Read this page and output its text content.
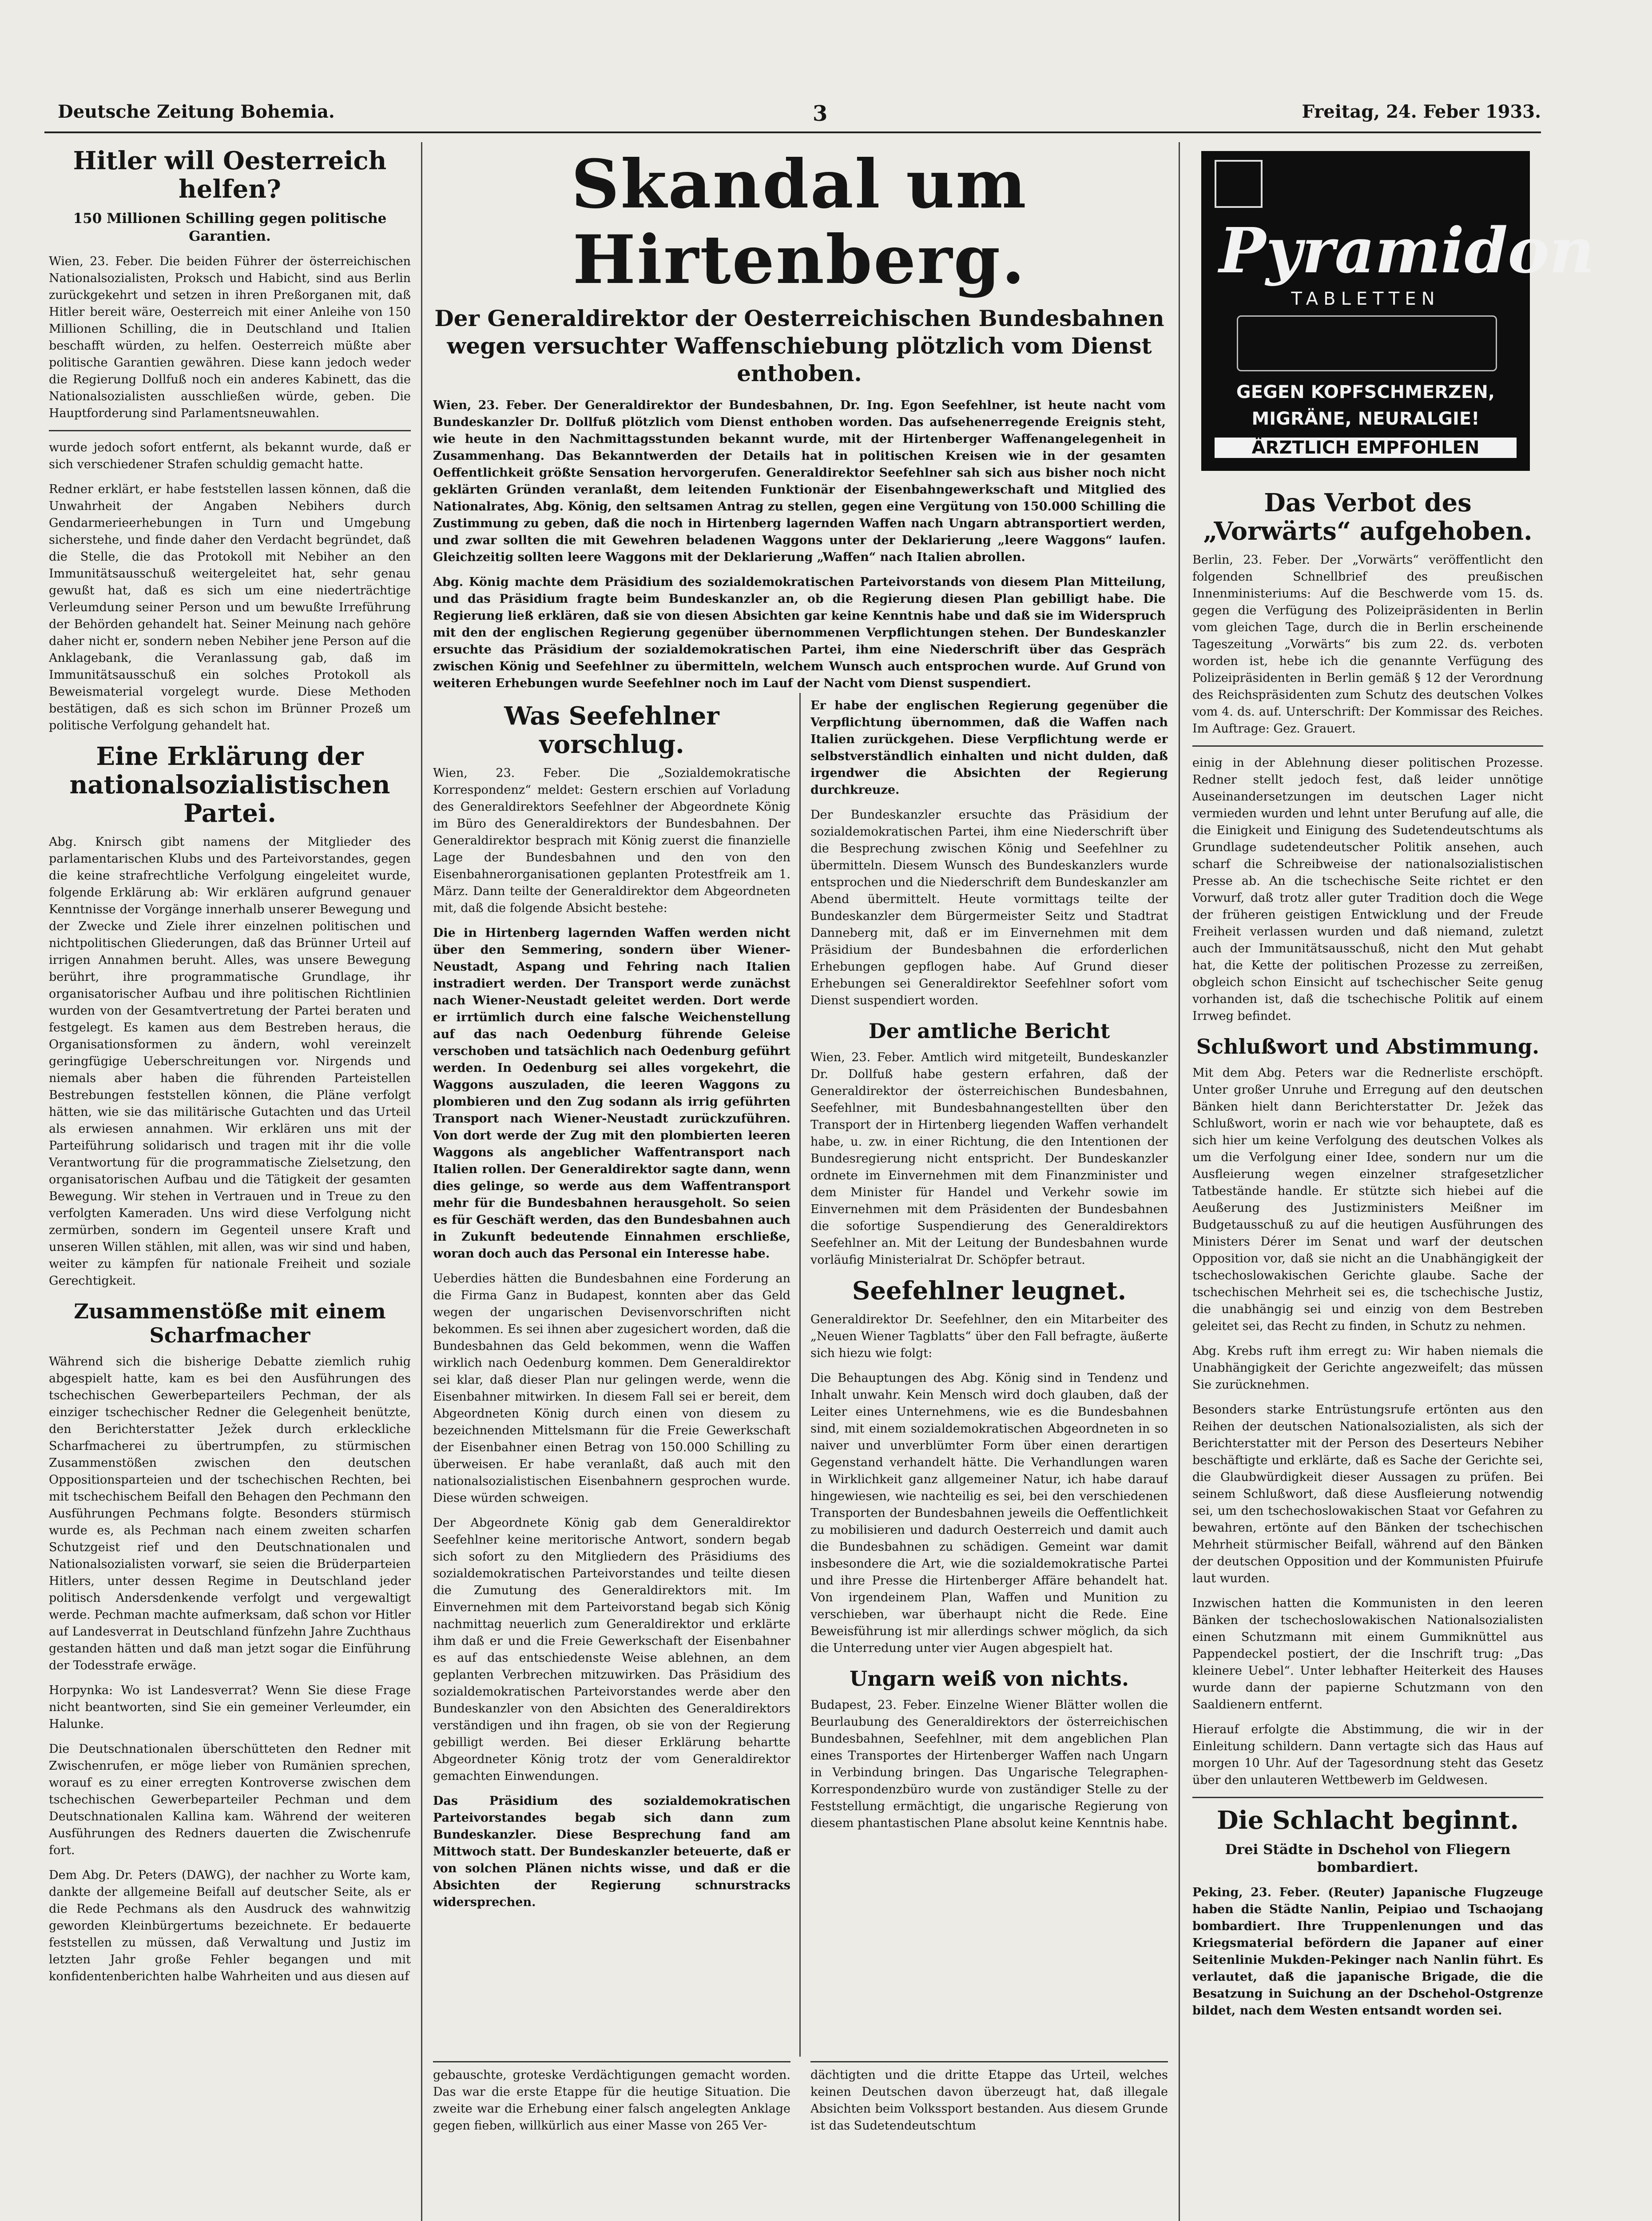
Deutsche Zeitung Bohemia.	3	Freitag, 24. Feber 1933.
Hitler will Oesterreich helfen?
150 Millionen Schilling gegen politische Garantien.

Wien, 23. Feber. Die beiden Führer der österreichischen Nationalsozialisten, Proksch und Habicht, sind aus Berlin zurückgekehrt und setzen in ihren Preßorganen mit, daß Hitler bereit wäre, Oesterreich mit einer Anleihe von 150 Millionen Schilling, die in Deutschland und Italien beschafft würden, zu helfen. Oesterreich müßte aber politische Garantien gewähren. Diese kann jedoch weder die Regierung Dollfuß noch ein anderes Kabinett, das die Nationalsozialisten ausschließen würde, geben. Die Hauptforderung sind Parlamentsneuwahlen.

wurde jedoch sofort entfernt, als bekannt wurde, daß er sich verschiedener Strafen schuldig gemacht hatte.

Redner erklärt, er habe feststellen lassen können, daß die Unwahrheit der Angaben Nebihers durch Gendarmerieerhebungen in Turn und Umgebung sicherstehe, und finde daher den Verdacht begründet, daß die Stelle, die das Protokoll mit Nebiher an den Immunitätsausschuß weitergeleitet hat, sehr genau gewußt hat, daß es sich um eine niederträchtige Verleumdung seiner Person und um bewußte Irreführung der Behörden gehandelt hat. Seiner Meinung nach gehöre daher nicht er, sondern neben Nebiher jene Person auf die Anklagebank, die Veranlassung gab, daß im Immunitätsausschuß ein solches Protokoll als Beweismaterial vorgelegt wurde. Diese Methoden bestätigen, daß es sich schon im Brünner Prozeß um politische Verfolgung gehandelt hat.

Eine Erklärung der nationalsozialistischen Partei.

Abg. Knirsch gibt namens der Mitglieder des parlamentarischen Klubs und des Parteivorstandes, gegen die keine strafrechtliche Verfolgung eingeleitet wurde, folgende Erklärung ab: Wir erklären aufgrund genauer Kenntnisse der Vorgänge innerhalb unserer Bewegung und der Zwecke und Ziele ihrer einzelnen politischen und nichtpolitischen Gliederungen, daß das Brünner Urteil auf irrigen Annahmen beruht. Alles, was unsere Bewegung berührt, ihre programmatische Grundlage, ihr organisatorischer Aufbau und ihre politischen Richtlinien wurden von der Gesamtvertretung der Partei beraten und festgelegt. Es kamen aus dem Bestreben heraus, die Organisationsformen zu ändern, wohl vereinzelt geringfügige Ueberschreitungen vor. Nirgends und niemals aber haben die führenden Parteistellen Bestrebungen feststellen können, die Pläne verfolgt hätten, wie sie das militärische Gutachten und das Urteil als erwiesen annahmen. Wir erklären uns mit der Parteiführung solidarisch und tragen mit ihr die volle Verantwortung für die programmatische Zielsetzung, den organisatorischen Aufbau und die Tätigkeit der gesamten Bewegung. Wir stehen in Vertrauen und in Treue zu den verfolgten Kameraden. Uns wird diese Verfolgung nicht zermürben, sondern im Gegenteil unsere Kraft und unseren Willen stählen, mit allen, was wir sind und haben, weiter zu kämpfen für nationale Freiheit und soziale Gerechtigkeit.

Zusammenstöße mit einem Scharfmacher

Während sich die bisherige Debatte ziemlich ruhig abgespielt hatte, kam es bei den Ausführungen des tschechischen Gewerbeparteilers Pechman, der als einziger tschechischer Redner die Gelegenheit benützte, den Berichterstatter Ježek durch erkleckliche Scharfmacherei zu übertrumpfen, zu stürmischen Zusammenstößen zwischen den deutschen Oppositionsparteien und der tschechischen Rechten, bei mit tschechischem Beifall den Behagen den Pechmann den Ausführungen Pechmans folgte. Besonders stürmisch wurde es, als Pechman nach einem zweiten scharfen Schutzgeist rief und den Deutschnationalen und Nationalsozialisten vorwarf, sie seien die Brüderparteien Hitlers, unter dessen Regime in Deutschland jeder politisch Andersdenkende verfolgt und vergewaltigt werde. Pechman machte aufmerksam, daß schon vor Hitler auf Landesverrat in Deutschland fünfzehn Jahre Zuchthaus gestanden hätten und daß man jetzt sogar die Einführung der Todesstrafe erwäge.

Horpynka: Wo ist Landesverrat? Wenn Sie diese Frage nicht beantworten, sind Sie ein gemeiner Verleumder, ein Halunke.

Die Deutschnationalen überschütteten den Redner mit Zwischenrufen, er möge lieber von Rumänien sprechen, worauf es zu einer erregten Kontroverse zwischen dem tschechischen Gewerbeparteiler Pechman und dem Deutschnationalen Kallina kam. Während der weiteren Ausführungen des Redners dauerten die Zwischenrufe fort.

Dem Abg. Dr. Peters (DAWG), der nachher zu Worte kam, dankte der allgemeine Beifall auf deutscher Seite, als er die Rede Pechmans als den Ausdruck des wahnwitzig geworden Kleinbürgertums bezeichnete. Er bedauerte feststellen zu müssen, daß Verwaltung und Justiz im letzten Jahr große Fehler begangen und mit konfidentenberichten halbe Wahrheiten und aus diesen auf

Skandal um Hirtenberg.
Der Generaldirektor der Oesterreichischen Bundesbahnen wegen versuchter Waffenschiebung plötzlich vom Dienst enthoben.

Wien, 23. Feber. Der Generaldirektor der Bundesbahnen, Dr. Ing. Egon Seefehlner, ist heute nacht vom Bundeskanzler Dr. Dollfuß plötzlich vom Dienst enthoben worden. Das aufsehenerregende Ereignis steht, wie heute in den Nachmittagsstunden bekannt wurde, mit der Hirtenberger Waffenangelegenheit in Zusammenhang. Das Bekanntwerden der Details hat in politischen Kreisen wie in der gesamten Oeffentlichkeit größte Sensation hervorgerufen. Generaldirektor Seefehlner sah sich aus bisher noch nicht geklärten Gründen veranlaßt, dem leitenden Funktionär der Eisenbahngewerkschaft und Mitglied des Nationalrates, Abg. König, den seltsamen Antrag zu stellen, gegen eine Vergütung von 150.000 Schilling die Zustimmung zu geben, daß die noch in Hirtenberg lagernden Waffen nach Ungarn abtransportiert werden, und zwar sollten die mit Gewehren beladenen Waggons unter der Deklarierung „leere Waggons“ laufen. Gleichzeitig sollten leere Waggons mit der Deklarierung „Waffen“ nach Italien abrollen.

Abg. König machte dem Präsidium des sozialdemokratischen Parteivorstands von diesem Plan Mitteilung, und das Präsidium fragte beim Bundeskanzler an, ob die Regierung diesen Plan gebilligt habe. Die Regierung ließ erklären, daß sie von diesen Absichten gar keine Kenntnis habe und daß sie im Widerspruch mit den der englischen Regierung gegenüber übernommenen Verpflichtungen stehen. Der Bundeskanzler ersuchte das Präsidium der sozialdemokratischen Partei, ihm eine Niederschrift über das Gespräch zwischen König und Seefehlner zu übermitteln, welchem Wunsch auch entsprochen wurde. Auf Grund von weiteren Erhebungen wurde Seefehlner noch im Lauf der Nacht vom Dienst suspendiert.

Was Seefehlner vorschlug.

Wien, 23. Feber. Die „Sozialdemokratische Korrespondenz“ meldet: Gestern erschien auf Vorladung des Generaldirektors Seefehlner der Abgeordnete König im Büro des Generaldirektors der Bundesbahnen. Der Generaldirektor besprach mit König zuerst die finanzielle Lage der Bundesbahnen und den von den Eisenbahnerorganisationen geplanten Protestfreik am 1. März. Dann teilte der Generaldirektor dem Abgeordneten mit, daß die folgende Absicht bestehe:

Die in Hirtenberg lagernden Waffen werden nicht über den Semmering, sondern über Wiener-Neustadt, Aspang und Fehring nach Italien instradiert werden. Der Transport werde zunächst nach Wiener-Neustadt geleitet werden. Dort werde er irrtümlich durch eine falsche Weichenstellung auf das nach Oedenburg führende Geleise verschoben und tatsächlich nach Oedenburg geführt werden. In Oedenburg sei alles vorgekehrt, die Waggons auszuladen, die leeren Waggons zu plombieren und den Zug sodann als irrig geführten Transport nach Wiener-Neustadt zurückzuführen. Von dort werde der Zug mit den plombierten leeren Waggons als angeblicher Waffentransport nach Italien rollen. Der Generaldirektor sagte dann, wenn dies gelinge, so werde aus dem Waffentransport mehr für die Bundesbahnen herausgeholt. So seien es für Geschäft werden, das den Bundesbahnen auch in Zukunft bedeutende Einnahmen erschließe, woran doch auch das Personal ein Interesse habe.

Ueberdies hätten die Bundesbahnen eine Forderung an die Firma Ganz in Budapest, konnten aber das Geld wegen der ungarischen Devisenvorschriften nicht bekommen. Es sei ihnen aber zugesichert worden, daß die Bundesbahnen das Geld bekommen, wenn die Waffen wirklich nach Oedenburg kommen. Dem Generaldirektor sei klar, daß dieser Plan nur gelingen werde, wenn die Eisenbahner mitwirken. In diesem Fall sei er bereit, dem Abgeordneten König durch einen von diesem zu bezeichnenden Mittelsmann für die Freie Gewerkschaft der Eisenbahner einen Betrag von 150.000 Schilling zu überweisen. Er habe veranlaßt, daß auch mit den nationalsozialistischen Eisenbahnern gesprochen wurde. Diese würden schweigen.

Der Abgeordnete König gab dem Generaldirektor Seefehlner keine meritorische Antwort, sondern begab sich sofort zu den Mitgliedern des Präsidiums des sozialdemokratischen Parteivorstandes und teilte diesen die Zumutung des Generaldirektors mit. Im Einvernehmen mit dem Parteivorstand begab sich König nachmittag neuerlich zum Generaldirektor und erklärte ihm daß er und die Freie Gewerkschaft der Eisenbahner es auf das entschiedenste Weise ablehnen, an dem geplanten Verbrechen mitzuwirken. Das Präsidium des sozialdemokratischen Parteivorstandes werde aber den Bundeskanzler von den Absichten des Generaldirektors verständigen und ihn fragen, ob sie von der Regierung gebilligt werden. Bei dieser Erklärung behartte Abgeordneter König trotz der vom Generaldirektor gemachten Einwendungen.

Das Präsidium des sozialdemokratischen Parteivorstandes begab sich dann zum Bundeskanzler. Diese Besprechung fand am Mittwoch statt. Der Bundeskanzler beteuerte, daß er von solchen Plänen nichts wisse, und daß er die Absichten der Regierung schnurstracks widersprechen.

Er habe der englischen Regierung gegenüber die Verpflichtung übernommen, daß die Waffen nach Italien zurückgehen. Diese Verpflichtung werde er selbstverständlich einhalten und nicht dulden, daß irgendwer die Absichten der Regierung durchkreuze.

Der Bundeskanzler ersuchte das Präsidium der sozialdemokratischen Partei, ihm eine Niederschrift über die Besprechung zwischen König und Seefehlner zu übermitteln. Diesem Wunsch des Bundeskanzlers wurde entsprochen und die Niederschrift dem Bundeskanzler am Abend übermittelt. Heute vormittags teilte der Bundeskanzler dem Bürgermeister Seitz und Stadtrat Danneberg mit, daß er im Einvernehmen mit dem Präsidium der Bundesbahnen die erforderlichen Erhebungen gepflogen habe. Auf Grund dieser Erhebungen sei Generaldirektor Seefehlner sofort vom Dienst suspendiert worden.

Der amtliche Bericht

Wien, 23. Feber. Amtlich wird mitgeteilt, Bundeskanzler Dr. Dollfuß habe gestern erfahren, daß der Generaldirektor der österreichischen Bundesbahnen, Seefehlner, mit Bundesbahnangestellten über den Transport der in Hirtenberg liegenden Waffen verhandelt habe, u. zw. in einer Richtung, die den Intentionen der Bundesregierung nicht entspricht. Der Bundeskanzler ordnete im Einvernehmen mit dem Finanzminister und dem Minister für Handel und Verkehr sowie im Einvernehmen mit dem Präsidenten der Bundesbahnen die sofortige Suspendierung des Generaldirektors Seefehlner an. Mit der Leitung der Bundesbahnen wurde vorläufig Ministerialrat Dr. Schöpfer betraut.

Seefehlner leugnet.

Generaldirektor Dr. Seefehlner, den ein Mitarbeiter des „Neuen Wiener Tagblatts“ über den Fall befragte, äußerte sich hiezu wie folgt:

Die Behauptungen des Abg. König sind in Tendenz und Inhalt unwahr. Kein Mensch wird doch glauben, daß der Leiter eines Unternehmens, wie es die Bundesbahnen sind, mit einem sozialdemokratischen Abgeordneten in so naiver und unverblümter Form über einen derartigen Gegenstand verhandelt hätte. Die Verhandlungen waren in Wirklichkeit ganz allgemeiner Natur, ich habe darauf hingewiesen, wie nachteilig es sei, bei den verschiedenen Transporten der Bundesbahnen jeweils die Oeffentlichkeit zu mobilisieren und dadurch Oesterreich und damit auch die Bundesbahnen zu schädigen. Gemeint war damit insbesondere die Art, wie die sozialdemokratische Partei und ihre Presse die Hirtenberger Affäre behandelt hat. Von irgendeinem Plan, Waffen und Munition zu verschieben, war überhaupt nicht die Rede. Eine Beweisführung ist mir allerdings schwer möglich, da sich die Unterredung unter vier Augen abgespielt hat.

Ungarn weiß von nichts.

Budapest, 23. Feber. Einzelne Wiener Blätter wollen die Beurlaubung des Generaldirektors der österreichischen Bundesbahnen, Seefehlner, mit dem angeblichen Plan eines Transportes der Hirtenberger Waffen nach Ungarn in Verbindung bringen. Das Ungarische Telegraphen-Korrespondenzbüro wurde von zuständiger Stelle zu der Feststellung ermächtigt, die ungarische Regierung von diesem phantastischen Plane absolut keine Kenntnis habe.

gebauschte, groteske Verdächtigungen gemacht worden. Das war die erste Etappe für die heutige Situation. Die zweite war die Erhebung einer falsch angelegten Anklage gegen fieben, willkürlich aus einer Masse von 265 Ver-

dächtigten und die dritte Etappe das Urteil, welches keinen Deutschen davon überzeugt hat, daß illegale Absichten beim Volkssport bestanden. Aus diesem Grunde ist das Sudetendeutschtum

Pyramidon
TABLETTEN
GEGEN KOPFSCHMERZEN,
MIGRÄNE, NEURALGIE!
ÄRZTLICH EMPFOHLEN
Das Verbot des „Vorwärts“ aufgehoben.

Berlin, 23. Feber. Der „Vorwärts“ veröffentlicht den folgenden Schnellbrief des preußischen Innenministeriums: Auf die Beschwerde vom 15. ds. gegen die Verfügung des Polizeipräsidenten in Berlin vom gleichen Tage, durch die in Berlin erscheinende Tageszeitung „Vorwärts“ bis zum 22. ds. verboten worden ist, hebe ich die genannte Verfügung des Polizeipräsidenten in Berlin gemäß § 12 der Verordnung des Reichspräsidenten zum Schutz des deutschen Volkes vom 4. ds. auf. Unterschrift: Der Kommissar des Reiches. Im Auftrage: Gez. Grauert.

einig in der Ablehnung dieser politischen Prozesse. Redner stellt jedoch fest, daß leider unnötige Auseinandersetzungen im deutschen Lager nicht vermieden wurden und lehnt unter Berufung auf alle, die die Einigkeit und Einigung des Sudetendeutschtums als Grundlage sudetendeutscher Politik ansehen, auch scharf die Schreibweise der nationalsozialistischen Presse ab. An die tschechische Seite richtet er den Vorwurf, daß trotz aller guter Tradition doch die Wege der früheren geistigen Entwicklung und der Freude Freiheit verlassen wurden und daß niemand, zuletzt auch der Immunitätsausschuß, nicht den Mut gehabt hat, die Kette der politischen Prozesse zu zerreißen, obgleich schon Einsicht auf tschechischer Seite genug vorhanden ist, daß die tschechische Politik auf einem Irrweg befindet.

Schlußwort und Abstimmung.

Mit dem Abg. Peters war die Rednerliste erschöpft. Unter großer Unruhe und Erregung auf den deutschen Bänken hielt dann Berichterstatter Dr. Ježek das Schlußwort, worin er nach wie vor behauptete, daß es sich hier um keine Verfolgung des deutschen Volkes als um die Verfolgung einer Idee, sondern nur um die Ausfleierung wegen einzelner strafgesetzlicher Tatbestände handle. Er stützte sich hiebei auf die Aeußerung des Justizministers Meißner im Budgetausschuß zu auf die heutigen Ausführungen des Ministers Dérer im Senat und warf der deutschen Opposition vor, daß sie nicht an die Unabhängigkeit der tschechoslowakischen Gerichte glaube. Sache der tschechischen Mehrheit sei es, die tschechische Justiz, die unabhängig sei und einzig von dem Bestreben geleitet sei, das Recht zu finden, in Schutz zu nehmen.

Abg. Krebs ruft ihm erregt zu: Wir haben niemals die Unabhängigkeit der Gerichte angezweifelt; das müssen Sie zurücknehmen.

Besonders starke Entrüstungsrufe ertönten aus den Reihen der deutschen Nationalsozialisten, als sich der Berichterstatter mit der Person des Deserteurs Nebiher beschäftigte und erklärte, daß es Sache der Gerichte sei, die Glaubwürdigkeit dieser Aussagen zu prüfen. Bei seinem Schlußwort, daß diese Ausfleierung notwendig sei, um den tschechoslowakischen Staat vor Gefahren zu bewahren, ertönte auf den Bänken der tschechischen Mehrheit stürmischer Beifall, während auf den Bänken der deutschen Opposition und der Kommunisten Pfuirufe laut wurden.

Inzwischen hatten die Kommunisten in den leeren Bänken der tschechoslowakischen Nationalsozialisten einen Schutzmann mit einem Gummiknüttel aus Pappendeckel postiert, der die Inschrift trug: „Das kleinere Uebel“. Unter lebhafter Heiterkeit des Hauses wurde dann der papierne Schutzmann von den Saaldienern entfernt.

Hierauf erfolgte die Abstimmung, die wir in der Einleitung schildern. Dann vertagte sich das Haus auf morgen 10 Uhr. Auf der Tagesordnung steht das Gesetz über den unlauteren Wettbewerb im Geldwesen.

Die Schlacht beginnt.
Drei Städte in Dschehol von Fliegern bombardiert.

Peking, 23. Feber. (Reuter) Japanische Flugzeuge haben die Städte Nanlin, Peipiao und Tschaojang bombardiert. Ihre Truppenlenungen und das Kriegsmaterial befördern die Japaner auf einer Seitenlinie Mukden-Pekinger nach Nanlin führt. Es verlautet, daß die japanische Brigade, die die Besatzung in Suichung an der Dschehol-Ostgrenze bildet, nach dem Westen entsandt worden sei.
